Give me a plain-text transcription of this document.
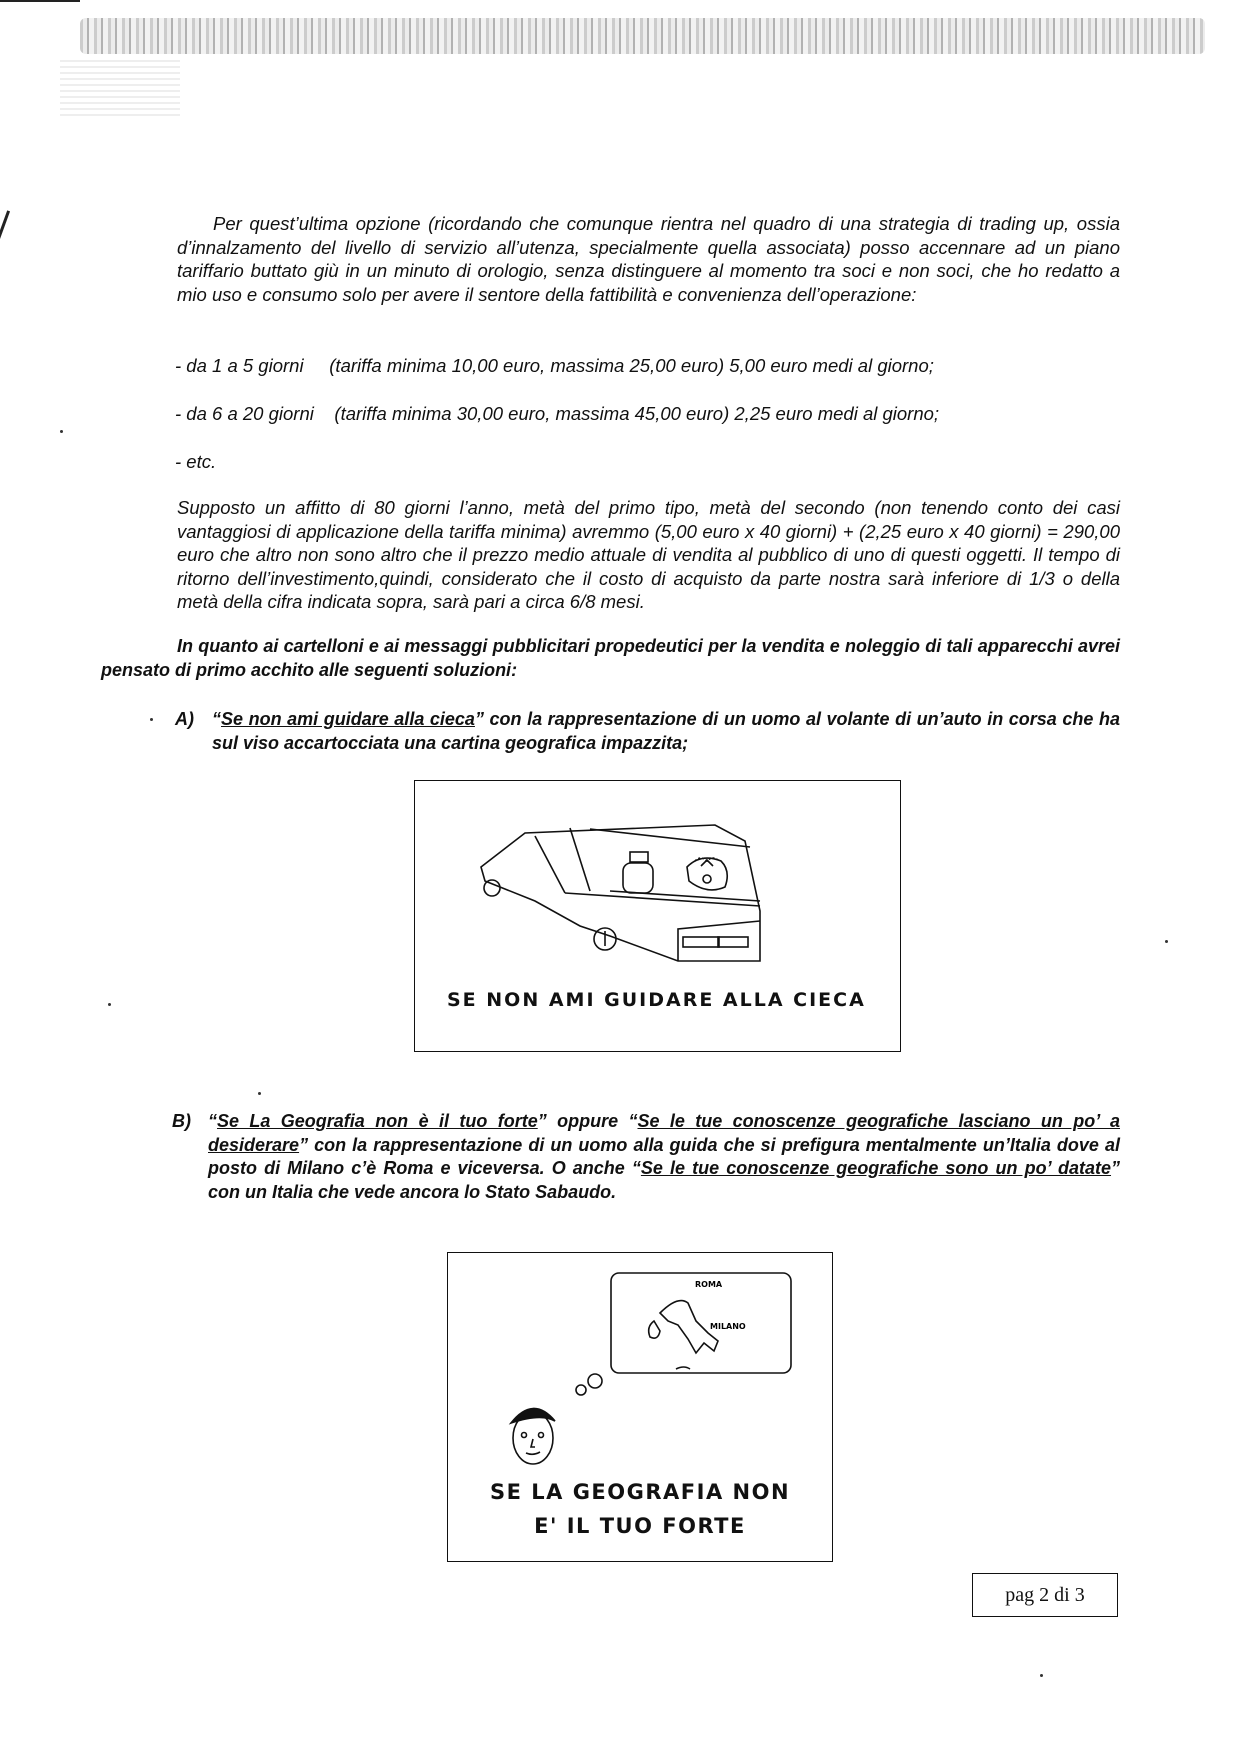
Per quest’ultima opzione (ricordando che comunque rientra nel quadro di una strategia di trading up, ossia d’innalzamento del livello di servizio all’utenza, specialmente quella associata) posso accennare ad un piano tariffario buttato giù in un minuto di orologio, senza distinguere al momento tra soci e non soci, che ho redatto a mio uso e consumo solo per avere il sentore della fattibilità e convenienza dell’operazione:
- da 1 a 5 giorni (tariffa minima 10,00 euro, massima 25,00 euro) 5,00 euro medi al giorno;
- da 6 a 20 giorni (tariffa minima 30,00 euro, massima 45,00 euro) 2,25 euro medi al giorno;
- etc.
Supposto un affitto di 80 giorni l’anno, metà del primo tipo, metà del secondo (non tenendo conto dei casi vantaggiosi di applicazione della tariffa minima) avremmo (5,00 euro x 40 giorni) + (2,25 euro x 40 giorni) = 290,00 euro che altro non sono altro che il prezzo medio attuale di vendita al pubblico di uno di questi oggetti. Il tempo di ritorno dell’investimento,quindi, considerato che il costo di acquisto da parte nostra sarà inferiore di 1/3 o della metà della cifra indicata sopra, sarà pari a circa 6/8 mesi.
In quanto ai cartelloni e ai messaggi pubblicitari propedeutici per la vendita e noleggio di tali apparecchi avrei pensato di primo acchito alle seguenti soluzioni:
A) “Se non ami guidare alla cieca” con la rappresentazione di un uomo al volante di un’auto in corsa che ha sul viso accartocciata una cartina geografica impazzita;
SE NON AMI GUIDARE ALLA CIECA
B) “Se La Geografia non è il tuo forte” oppure “Se le tue conoscenze geografiche lasciano un po’ a desiderare” con la rappresentazione di un uomo alla guida che si prefigura mentalmente un’Italia dove al posto di Milano c’è Roma e viceversa. O anche “Se le tue conoscenze geografiche sono un po’ datate” con un Italia che vede ancora lo Stato Sabaudo.
ROMA
MILANO
SE LA GEOGRAFIA NON
E' IL TUO FORTE
pag 2 di 3
